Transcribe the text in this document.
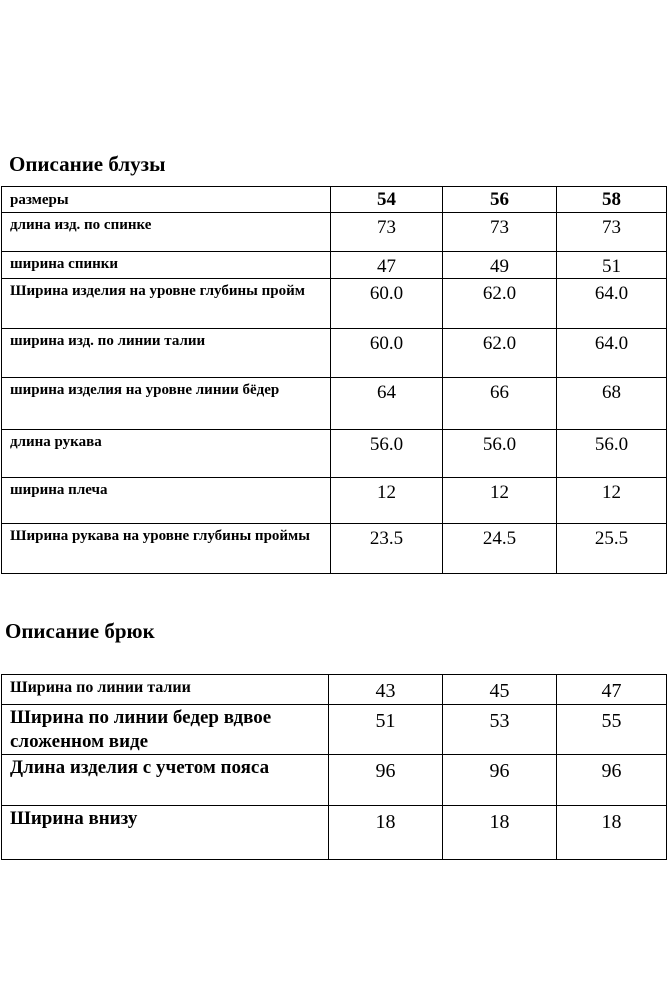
Описание блузы
размеры	54	56	58
длина изд. по спинке	73	73	73
ширина спинки	47	49	51
Ширина изделия на уровне глубины пройм	60.0	62.0	64.0
ширина изд. по линии талии	60.0	62.0	64.0
ширина изделия на уровне линии бёдер	64	66	68
длина рукава	56.0	56.0	56.0
ширина плеча	12	12	12
Ширина рукава на уровне глубины проймы	23.5	24.5	25.5
Описание брюк
Ширина по линии талии	43	45	47
Ширина по линии бедер вдвое сложенном виде	51	53	55
Длина изделия с учетом пояса	96	96	96
Ширина внизу	18	18	18
